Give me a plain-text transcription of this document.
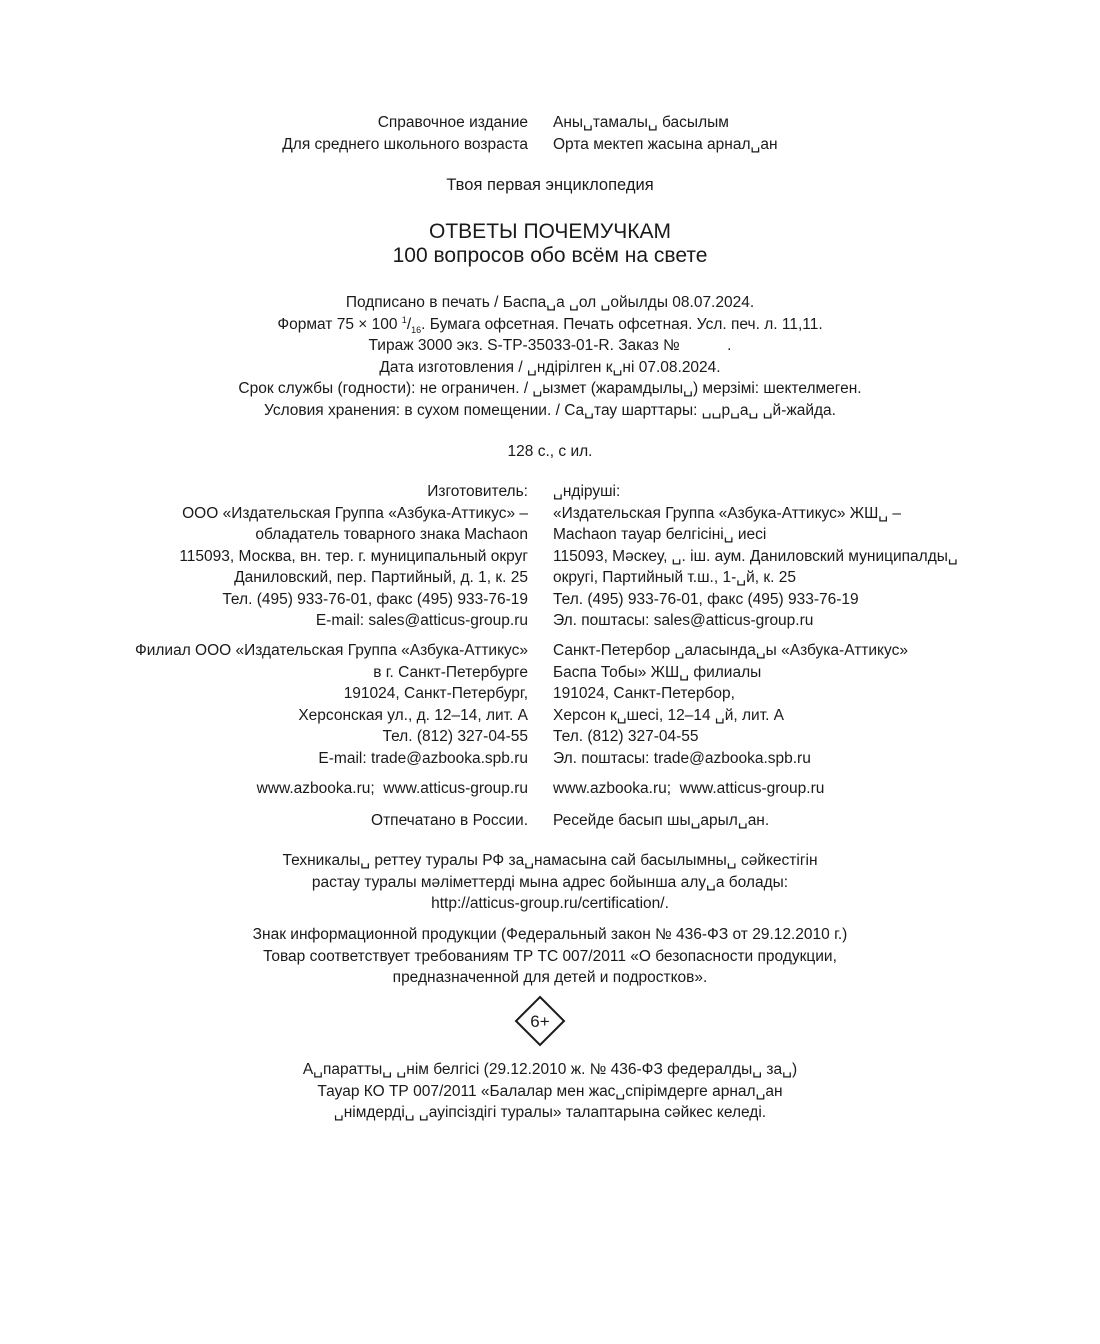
Справочное издание Аны␣тамалы␣ басылым
Для среднего школьного возраста Орта мектеп жасына арнал␣ан
Твоя первая энциклопедия
ОТВЕТЫ ПОЧЕМУЧКАМ
100 вопросов обо всём на свете
Подписано в печать / Баспа␣а ␣ол ␣ойылды 08.07.2024.
Формат 75 × 100 $^1/_{16}$. Бумага офсетная. Печать офсетная. Усл. печ. л. 11,11.
Тираж 3000 экз. S-TP-35033-01-R. Заказ №           .
Дата изготовления / ␣ндірілген к␣ні 07.08.2024.
Срок службы (годности): не ограничен. / ␣ызмет (жарамдылы␣) мерзімі: шектелмеген.
Условия хранения: в сухом помещении. / Са␣тау шарттары: ␣␣р␣а␣ ␣й-жайда.
128 с., с ил.
Изготовитель: ␣ндіруші:
ООО «Издательская Группа «Азбука-Аттикус» – «Издательская Группа «Азбука-Аттикус» ЖШ␣ –
обладатель товарного знака Machaon Machaon тауар белгісіні␣ иесі
115093, Москва, вн. тер. г. муниципальный округ 115093, Мәскеу, ␣. іш. аум. Даниловский муниципалды␣
Даниловский, пер. Партийный, д. 1, к. 25 округі, Партийный т.ш., 1-␣й, к. 25
Тел. (495) 933-76-01, факс (495) 933-76-19 Тел. (495) 933-76-01, факс (495) 933-76-19
E-mail: sales@atticus-group.ru Эл. поштасы: sales@atticus-group.ru
Филиал ООО «Издательская Группа «Азбука-Аттикус» Санкт-Петербор ␣аласында␣ы «Азбука-Аттикус»
в г. Санкт-Петербурге Баспа Тобы» ЖШ␣ филиалы
191024, Санкт-Петербург, 191024, Санкт-Петербор,
Херсонская ул., д. 12–14, лит. А Херсон к␣шесі, 12–14 ␣й, лит. А
Тел. (812) 327-04-55 Тел. (812) 327-04-55
E-mail: trade@azbooka.spb.ru Эл. поштасы: trade@azbooka.spb.ru
www.azbooka.ru;  www.atticus-group.ru www.azbooka.ru;  www.atticus-group.ru
Отпечатано в России. Ресейде басып шы␣арыл␣ан.
Техникалы␣ реттеу туралы РФ за␣намасына сай басылымны␣ сәйкестігін
растау туралы мәліметтерді мына адрес бойынша алу␣а болады:
http://atticus-group.ru/certification/.
Знак информационной продукции (Федеральный закон № 436-ФЗ от 29.12.2010 г.)
Товар соответствует требованиям ТР ТС 007/2011 «О безопасности продукции,
предназначенной для детей и подростков».
6+
А␣паратты␣ ␣нім белгісі (29.12.2010 ж. № 436-ФЗ федералды␣ за␣)
Тауар КО ТР 007/2011 «Балалар мен жас␣спірімдерге арнал␣ан
␣німдерді␣ ␣ауіпсіздігі туралы» талаптарына сәйкес келеді.
